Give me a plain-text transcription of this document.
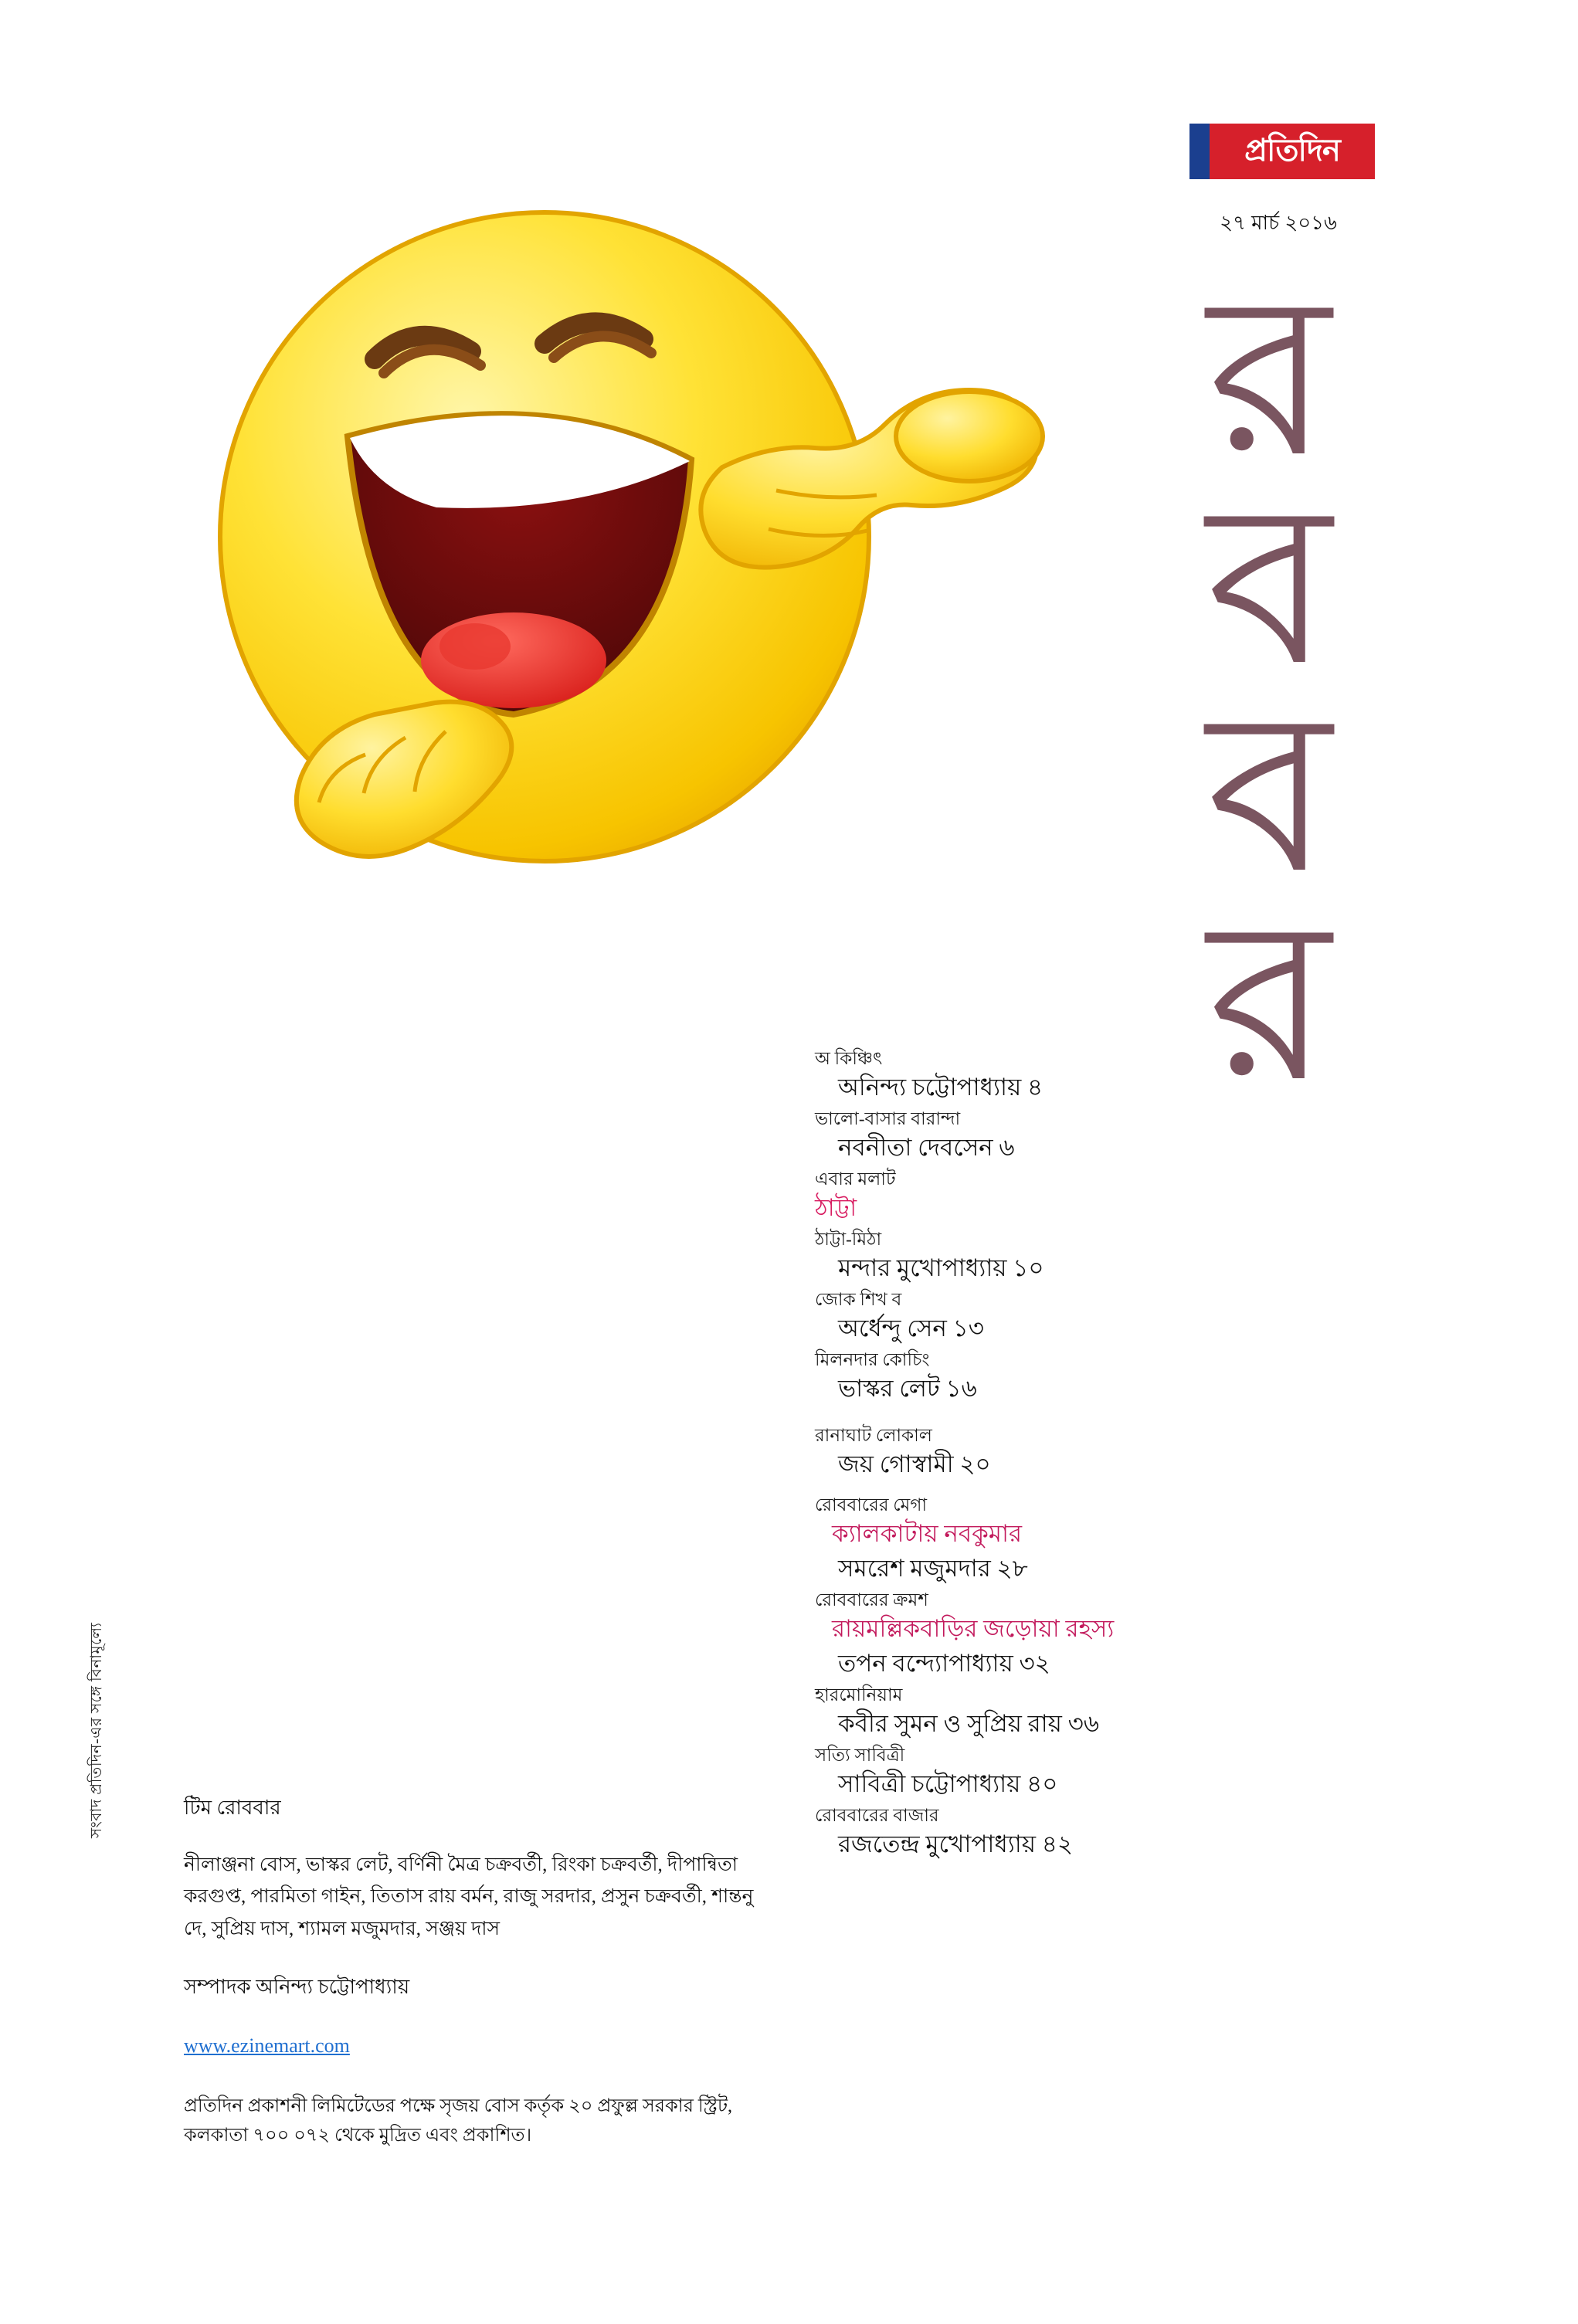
প্রতিদিন
২৭ মার্চ ২০১৬
র
ব
ব
র
অ কিঞ্চিৎ
অনিন্দ্য চট্টোপাধ্যায় ৪
ভালো-বাসার বারান্দা
নবনীতা দেবসেন ৬
এবার মলাট
ঠাট্টা
ঠাট্টা-মিঠা
মন্দার মুখোপাধ্যায় ১০
জোক শিখ‌ ব
অর্ধেন্দু সেন ১৩
মিলনদার কোচিং
ভাস্কর লেট ১৬
রানাঘাট লোকাল
জয় গোস্বামী ২০
রোববারের মেগা
ক্যালকাটায় নবকুমার
সমরেশ মজুমদার ২৮
রোববারের ক্রমশ
রায়মল্লিকবাড়ির জড়োয়া রহস্য
তপন বন্দ্যোপাধ্যায় ৩২
হারমোনিয়াম
কবীর সুমন ও সুপ্রিয় রায় ৩৬
সত্যি সাবিত্রী
সাবিত্রী চট্টোপাধ্যায় ৪০
রোববারের বাজার
রজতেন্দ্র মুখোপাধ্যায় ৪২
টিম রোববার
নীলাঞ্জনা বোস, ভাস্কর লেট, বর্ণিনী মৈত্র চক্রবর্তী, রিংকা চক্রবর্তী, দীপান্বিতা করগুপ্ত, পারমিতা গাইন, তিতাস রায় বর্মন, রাজু সরদার, প্রসুন চক্রবর্তী, শান্তনু দে, সুপ্রিয় দাস, শ্যামল মজুমদার, সঞ্জয় দাস
সম্পাদক অনিন্দ্য চট্টোপাধ্যায়
www.ezinemart.com
প্রতিদিন প্রকাশনী লিমিটেডের পক্ষে সৃজয় বোস কর্তৃক ২০ প্রফুল্ল সরকার স্ট্রিট, কলকাতা ৭০০ ০৭২ থেকে মুদ্রিত এবং প্রকাশিত।
সংবাদ প্রতিদিন-এর সঙ্গে বিনামূল্যে
